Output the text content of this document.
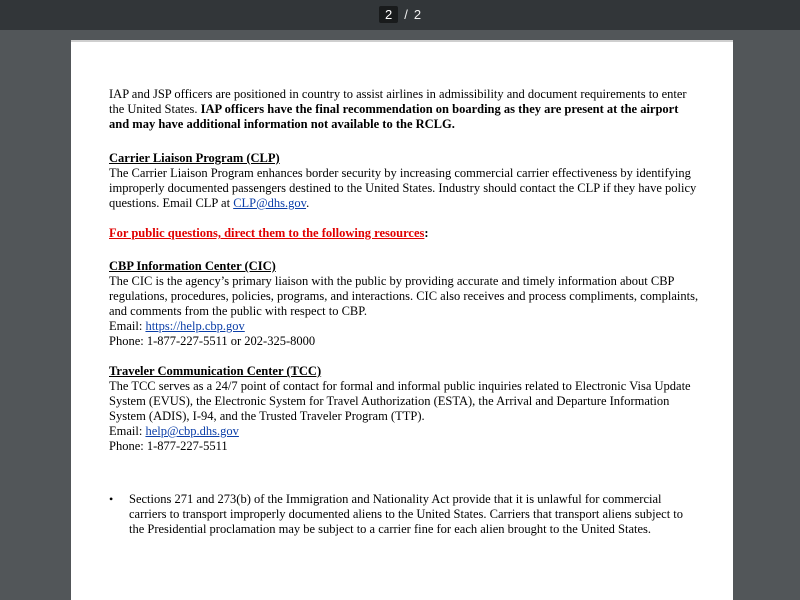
2 / 2

IAP and JSP officers are positioned in country to assist airlines in admissibility and document requirements to enter the United States. IAP officers have the final recommendation on boarding as they are present at the airport and may have additional information not available to the RCLG.

Carrier Liaison Program (CLP)

The Carrier Liaison Program enhances border security by increasing commercial carrier effectiveness by identifying improperly documented passengers destined to the United States. Industry should contact the CLP if they have policy questions. Email CLP at CLP@dhs.gov.

For public questions, direct them to the following resources:

CBP Information Center (CIC)

The CIC is the agency’s primary liaison with the public by providing accurate and timely information about CBP regulations, procedures, policies, programs, and interactions. CIC also receives and process compliments, complaints, and comments from the public with respect to CBP.

Email: https://help.cbp.gov

Phone: 1-877-227-5511 or 202-325-8000

Traveler Communication Center (TCC)

The TCC serves as a 24/7 point of contact for formal and informal public inquiries related to Electronic Visa Update System (EVUS), the Electronic System for Travel Authorization (ESTA), the Arrival and Departure Information System (ADIS), I-94, and the Trusted Traveler Program (TTP).

Email: help@cbp.dhs.gov

Phone: 1-877-227-5511

• Sections 271 and 273(b) of the Immigration and Nationality Act provide that it is unlawful for commercial carriers to transport improperly documented aliens to the United States. Carriers that transport aliens subject to the Presidential proclamation may be subject to a carrier fine for each alien brought to the United States.
